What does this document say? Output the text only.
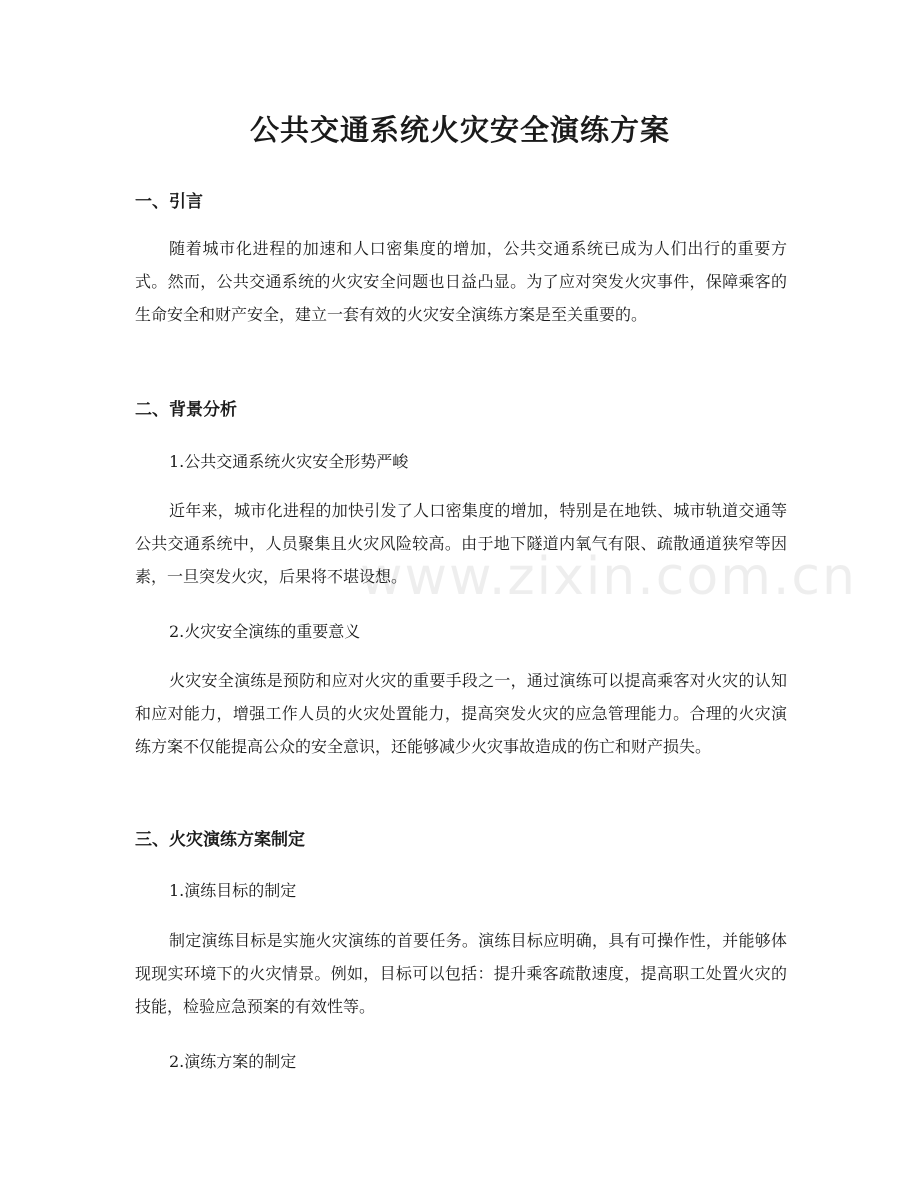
公共交通系统火灾安全演练方案
一、引言

随着城市化进程的加速和人口密集度的增加，公共交通系统已成为人们出行的重要方式。然而，公共交通系统的火灾安全问题也日益凸显。为了应对突发火灾事件，保障乘客的生命安全和财产安全，建立一套有效的火灾安全演练方案是至关重要的。

二、背景分析

1.公共交通系统火灾安全形势严峻

近年来，城市化进程的加快引发了人口密集度的增加，特别是在地铁、城市轨道交通等公共交通系统中，人员聚集且火灾风险较高。由于地下隧道内氧气有限、疏散通道狭窄等因素，一旦突发火灾，后果将不堪设想。

2.火灾安全演练的重要意义

火灾安全演练是预防和应对火灾的重要手段之一，通过演练可以提高乘客对火灾的认知和应对能力，增强工作人员的火灾处置能力，提高突发火灾的应急管理能力。合理的火灾演练方案不仅能提高公众的安全意识，还能够减少火灾事故造成的伤亡和财产损失。

三、火灾演练方案制定

1.演练目标的制定

制定演练目标是实施火灾演练的首要任务。演练目标应明确，具有可操作性，并能够体现现实环境下的火灾情景。例如，目标可以包括：提升乘客疏散速度，提高职工处置火灾的技能，检验应急预案的有效性等。

2.演练方案的制定

www.zixin.com.cn
